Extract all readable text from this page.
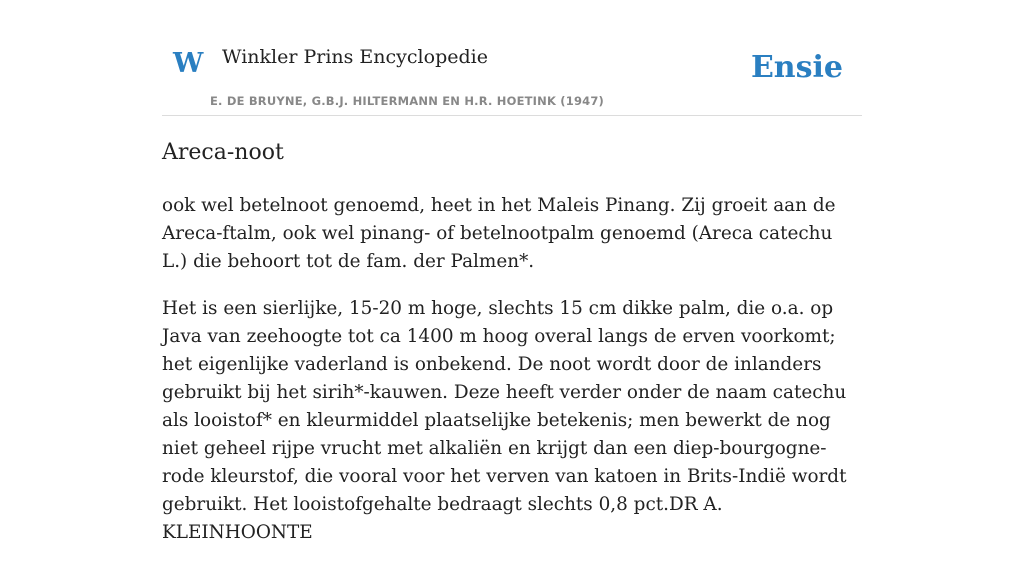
W Winkler Prins Encyclopedie
E. DE BRUYNE, G.B.J. HILTERMANN EN H.R. HOETINK (1947)
Ensie
Areca-noot

ook wel betelnoot genoemd, heet in het Maleis Pinang. Zij groeit aan de Areca-ftalm, ook wel pinang- of betelnootpalm genoemd (Areca catechu L.) die behoort tot de fam. der Palmen*.

Het is een sierlijke, 15-20 m hoge, slechts 15 cm dikke palm, die o.a. op Java van zeehoogte tot ca 1400 m hoog overal langs de erven voorkomt; het eigenlijke vaderland is onbekend. De noot wordt door de inlanders gebruikt bij het sirih*-kauwen. Deze heeft verder onder de naam catechu als looistof* en kleurmiddel plaatselijke betekenis; men bewerkt de nog niet geheel rijpe vrucht met alkaliën en krijgt dan een diep-bourgogne-rode kleurstof, die vooral voor het verven van katoen in Brits-Indië wordt gebruikt. Het looistofgehalte bedraagt slechts 0,8 pct.DR A. KLEINHOONTE
